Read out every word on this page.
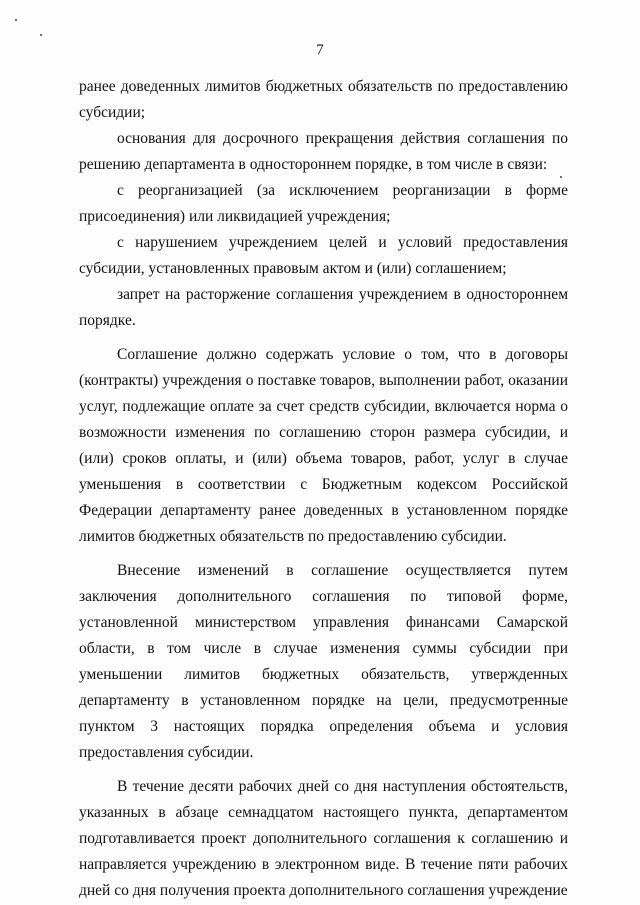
7

ранее доведенных лимитов бюджетных обязательств по предоставлению субсидии;

основания для досрочного прекращения действия соглашения по решению департамента в одностороннем порядке, в том числе в связи:

с реорганизацией (за исключением реорганизации в форме присоединения) или ликвидацией учреждения;

с нарушением учреждением целей и условий предоставления субсидии, установленных правовым актом и (или) соглашением;

запрет на расторжение соглашения учреждением в одностороннем порядке.

Соглашение должно содержать условие о том, что в договоры (контракты) учреждения о поставке товаров, выполнении работ, оказании услуг, подлежащие оплате за счет средств субсидии, включается норма о возможности изменения по соглашению сторон размера субсидии, и (или) сроков оплаты, и (или) объема товаров, работ, услуг в случае уменьшения в соответствии с Бюджетным кодексом Российской Федерации департаменту ранее доведенных в установленном порядке лимитов бюджетных обязательств по предоставлению субсидии.

Внесение изменений в соглашение осуществляется путем заключения дополнительного соглашения по типовой форме, установленной министерством управления финансами Самарской области, в том числе в случае изменения суммы субсидии при уменьшении лимитов бюджетных обязательств, утвержденных департаменту в установленном порядке на цели, предусмотренные пунктом 3 настоящих порядка определения объема и условия предоставления субсидии.

В течение десяти рабочих дней со дня наступления обстоятельств, указанных в абзаце семнадцатом настоящего пункта, департаментом подготавливается проект дополнительного соглашения к соглашению и направляется учреждению в электронном виде. В течение пяти рабочих дней со дня получения проекта дополнительного соглашения учреждение
